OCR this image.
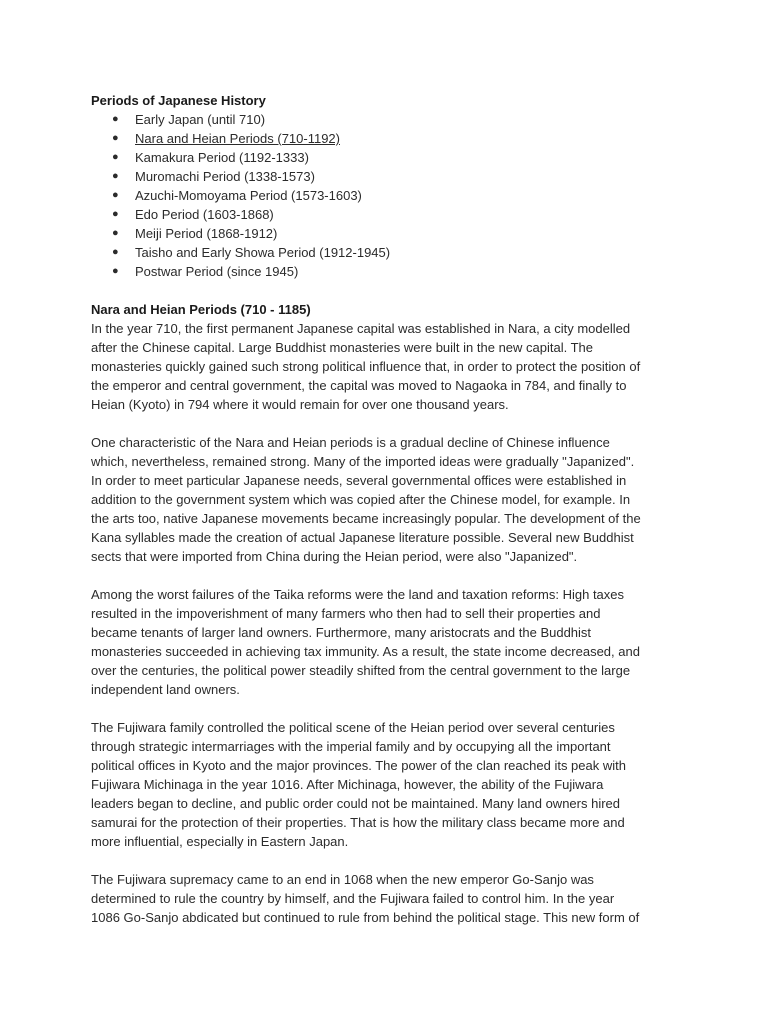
Periods of Japanese History

● Early Japan (until 710)
● Nara and Heian Periods (710-1192)
● Kamakura Period (1192-1333)
● Muromachi Period (1338-1573)
● Azuchi-Momoyama Period (1573-1603)
● Edo Period (1603-1868)
● Meiji Period (1868-1912)
● Taisho and Early Showa Period (1912-1945)
● Postwar Period (since 1945)

Nara and Heian Periods (710 - 1185)

In the year 710, the first permanent Japanese capital was established in Nara, a city modelled
after the Chinese capital. Large Buddhist monasteries were built in the new capital. The
monasteries quickly gained such strong political influence that, in order to protect the position of
the emperor and central government, the capital was moved to Nagaoka in 784, and finally to
Heian (Kyoto) in 794 where it would remain for over one thousand years.

One characteristic of the Nara and Heian periods is a gradual decline of Chinese influence
which, nevertheless, remained strong. Many of the imported ideas were gradually "Japanized".
In order to meet particular Japanese needs, several governmental offices were established in
addition to the government system which was copied after the Chinese model, for example. In
the arts too, native Japanese movements became increasingly popular. The development of the
Kana syllables made the creation of actual Japanese literature possible. Several new Buddhist
sects that were imported from China during the Heian period, were also "Japanized".

Among the worst failures of the Taika reforms were the land and taxation reforms: High taxes
resulted in the impoverishment of many farmers who then had to sell their properties and
became tenants of larger land owners. Furthermore, many aristocrats and the Buddhist
monasteries succeeded in achieving tax immunity. As a result, the state income decreased, and
over the centuries, the political power steadily shifted from the central government to the large
independent land owners.

The Fujiwara family controlled the political scene of the Heian period over several centuries
through strategic intermarriages with the imperial family and by occupying all the important
political offices in Kyoto and the major provinces. The power of the clan reached its peak with
Fujiwara Michinaga in the year 1016. After Michinaga, however, the ability of the Fujiwara
leaders began to decline, and public order could not be maintained. Many land owners hired
samurai for the protection of their properties. That is how the military class became more and
more influential, especially in Eastern Japan.

The Fujiwara supremacy came to an end in 1068 when the new emperor Go-Sanjo was
determined to rule the country by himself, and the Fujiwara failed to control him. In the year
1086 Go-Sanjo abdicated but continued to rule from behind the political stage. This new form of
